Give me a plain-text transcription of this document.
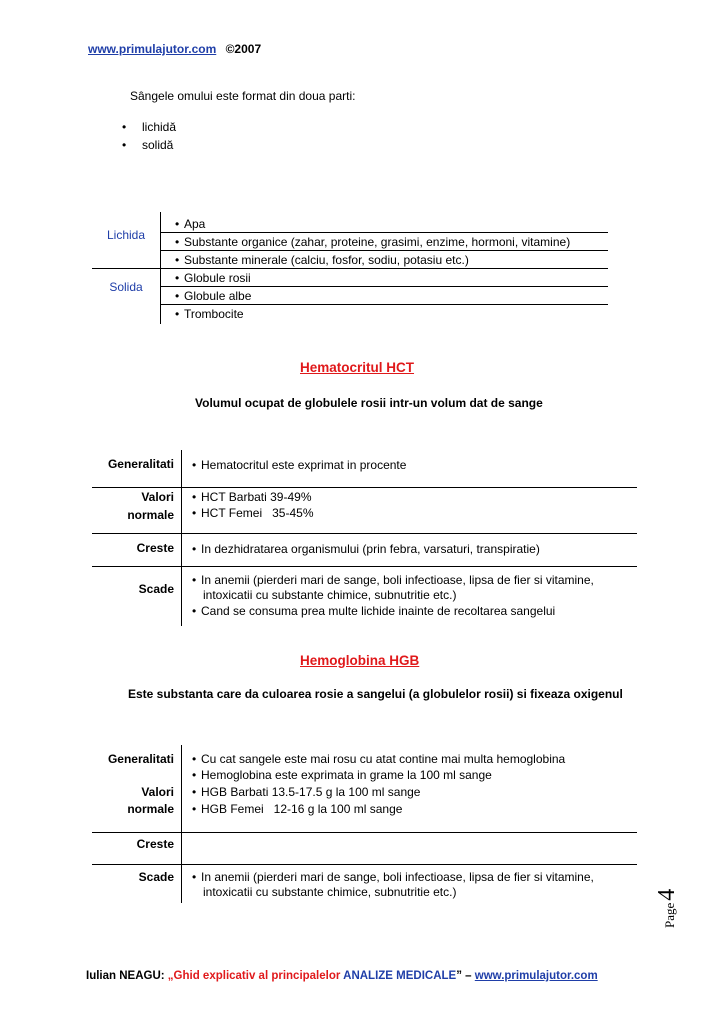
www.primulajutor.com ©2007
Sângele omului este format din doua parti:
• lichidă
• solidă
Lichida
Solida
• Apa
• Substante organice (zahar, proteine, grasimi, enzime, hormoni, vitamine)
• Substante minerale (calciu, fosfor, sodiu, potasiu etc.)
• Globule rosii
• Globule albe
• Trombocite
Hematocritul HCT
Volumul ocupat de globulele rosii intr-un volum dat de sange
Generalitati
Valori
normale
Creste
Scade
• Hematocritul este exprimat in procente
• HCT Barbati 39-49%
• HCT Femei   35-45%
• In dezhidratarea organismului (prin febra, varsaturi, transpiratie)
• In anemii (pierderi mari de sange, boli infectioase, lipsa de fier si vitamine,
intoxicatii cu substante chimice, subnutritie etc.)
• Cand se consuma prea multe lichide inainte de recoltarea sangelui
Hemoglobina HGB
Este substanta care da culoarea rosie a sangelui (a globulelor rosii) si fixeaza oxigenul
Generalitati
Valori
normale
Creste
Scade
• Cu cat sangele este mai rosu cu atat contine mai multa hemoglobina
• Hemoglobina este exprimata in grame la 100 ml sange
• HGB Barbati 13.5-17.5 g la 100 ml sange
• HGB Femei   12-16 g la 100 ml sange
• In anemii (pierderi mari de sange, boli infectioase, lipsa de fier si vitamine,
intoxicatii cu substante chimice, subnutritie etc.)
Page4
Iulian NEAGU: „Ghid explicativ al principalelor ANALIZE MEDICALE” – www.primulajutor.com
